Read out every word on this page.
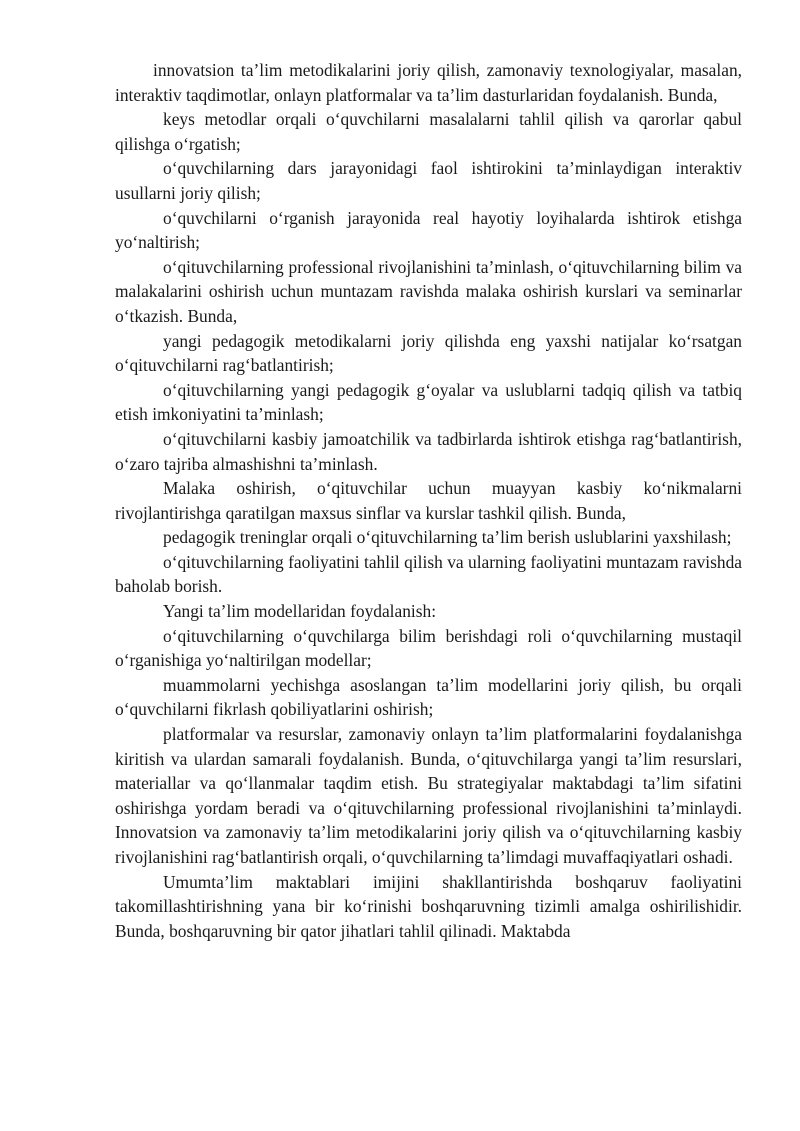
innovatsion ta’lim metodikalarini joriy qilish, zamonaviy texnologiyalar, masalan, interaktiv taqdimotlar, onlayn platformalar va ta’lim dasturlaridan foydalanish. Bunda,

keys metodlar orqali o‘quvchilarni masalalarni tahlil qilish va qarorlar qabul qilishga o‘rgatish;

o‘quvchilarning dars jarayonidagi faol ishtirokini ta’minlaydigan interaktiv usullarni joriy qilish;

o‘quvchilarni o‘rganish jarayonida real hayotiy loyihalarda ishtirok etishga yo‘naltirish;

o‘qituvchilarning professional rivojlanishini ta’minlash, o‘qituvchilarning bilim va malakalarini oshirish uchun muntazam ravishda malaka oshirish kurslari va seminarlar o‘tkazish. Bunda,

yangi pedagogik metodikalarni joriy qilishda eng yaxshi natijalar ko‘rsatgan o‘qituvchilarni rag‘batlantirish;

o‘qituvchilarning yangi pedagogik g‘oyalar va uslublarni tadqiq qilish va tatbiq etish imkoniyatini ta’minlash;

o‘qituvchilarni kasbiy jamoatchilik va tadbirlarda ishtirok etishga rag‘batlantirish, o‘zaro tajriba almashishni ta’minlash.

Malaka oshirish, o‘qituvchilar uchun muayyan kasbiy ko‘nikmalarni rivojlantirishga qaratilgan maxsus sinflar va kurslar tashkil qilish. Bunda,

pedagogik treninglar orqali o‘qituvchilarning ta’lim berish uslublarini yaxshilash;

o‘qituvchilarning faoliyatini tahlil qilish va ularning faoliyatini muntazam ravishda baholab borish.

Yangi ta’lim modellaridan foydalanish:

o‘qituvchilarning o‘quvchilarga bilim berishdagi roli o‘quvchilarning mustaqil o‘rganishiga yo‘naltirilgan modellar;

muammolarni yechishga asoslangan ta’lim modellarini joriy qilish, bu orqali o‘quvchilarni fikrlash qobiliyatlarini oshirish;

platformalar va resurslar, zamonaviy onlayn ta’lim platformalarini foydalanishga kiritish va ulardan samarali foydalanish. Bunda, o‘qituvchilarga yangi ta’lim resurslari, materiallar va qo‘llanmalar taqdim etish. Bu strategiyalar maktabdagi ta’lim sifatini oshirishga yordam beradi va o‘qituvchilarning professional rivojlanishini ta’minlaydi. Innovatsion va zamonaviy ta’lim metodikalarini joriy qilish va o‘qituvchilarning kasbiy rivojlanishini rag‘batlantirish orqali, o‘quvchilarning ta’limdagi muvaffaqiyatlari oshadi.

Umumta’lim maktablari imijini shakllantirishda boshqaruv faoliyatini takomillashtirishning yana bir ko‘rinishi boshqaruvning tizimli amalga oshirilishidir. Bunda, boshqaruvning bir qator jihatlari tahlil qilinadi. Maktabda
